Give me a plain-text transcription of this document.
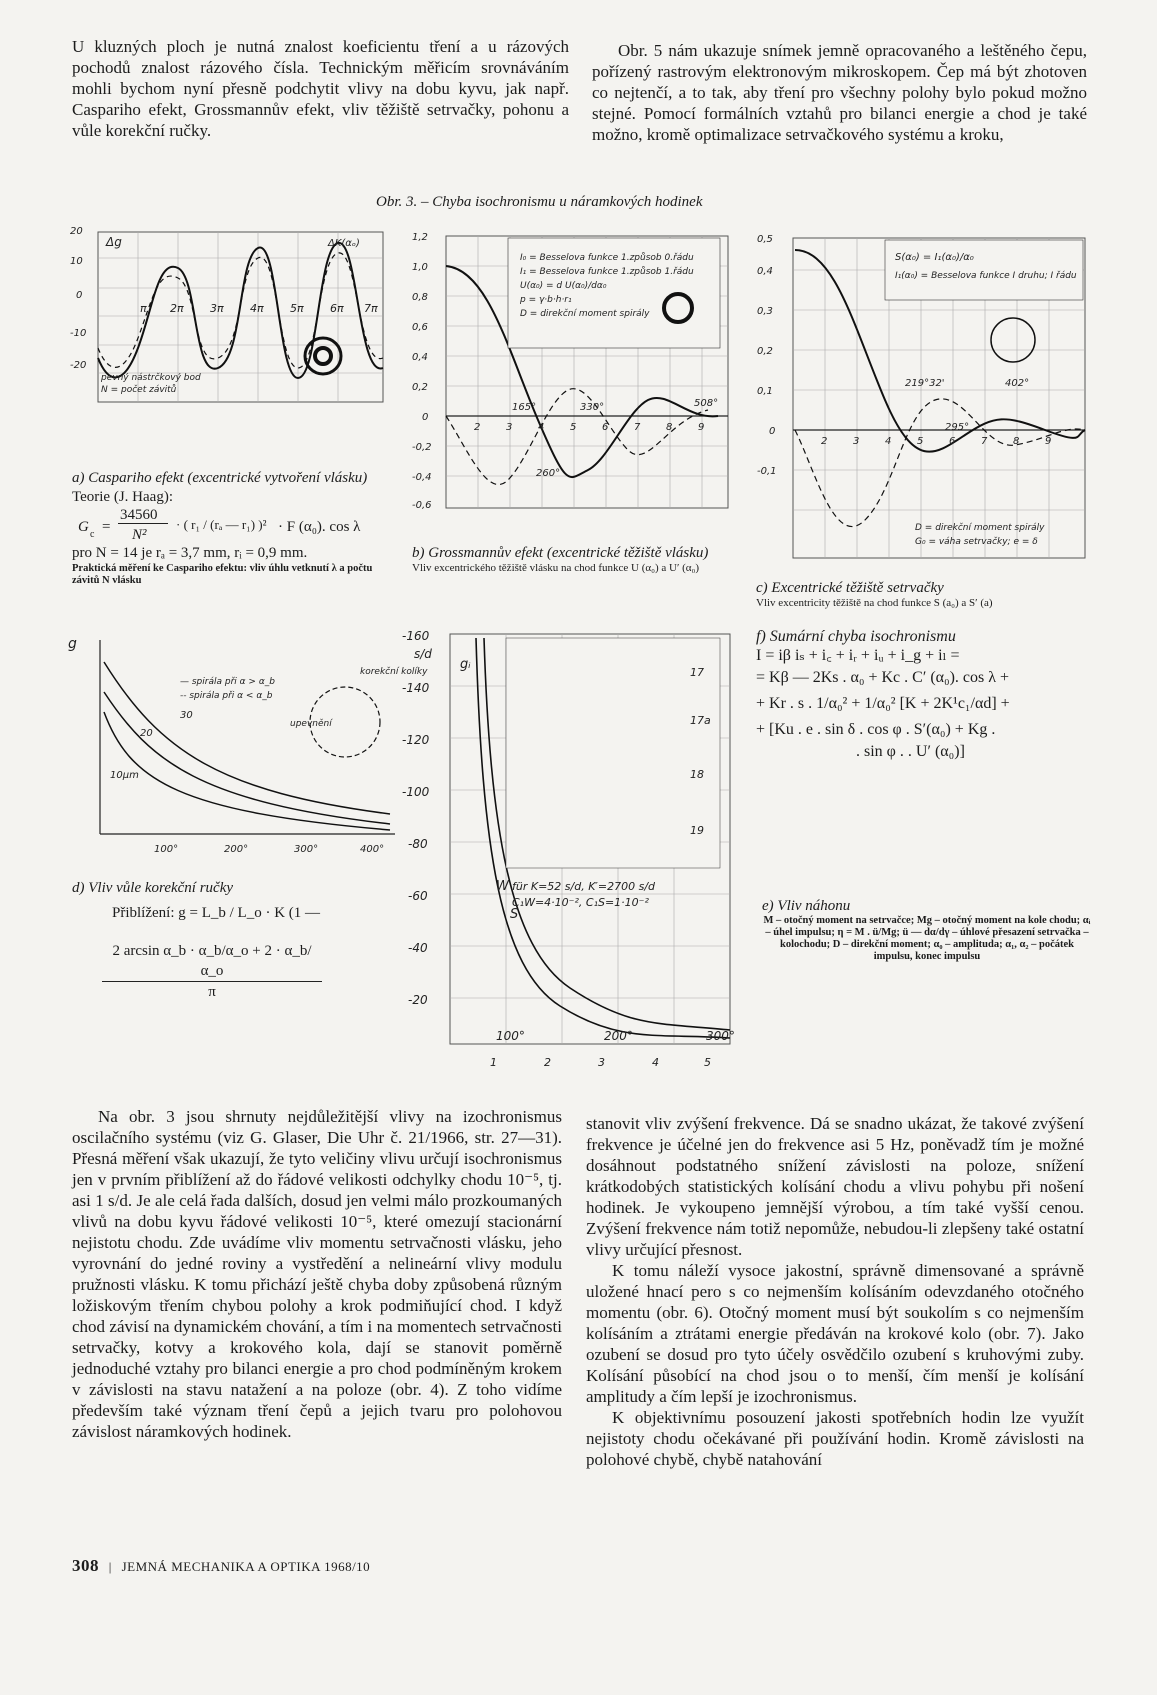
U kluzných ploch je nutná znalost koeficientu tření a u rázových pochodů znalost rázového čísla. Technickým měřicím srovnáváním mohli bychom nyní přesně podchytit vlivy na dobu kyvu, jak např. Caspariho efekt, Grossmannův efekt, vliv těžiště setrvačky, pohonu a vůle korekční ručky.

Obr. 5 nám ukazuje snímek jemně opracovaného a leštěného čepu, pořízený rastrovým elektronovým mikroskopem. Čep má být zhotoven co nejtenčí, a to tak, aby tření pro všechny polohy bylo pokud možno stejné. Pomocí formálních vztahů pro bilanci energie a chod je také možno, kromě optimalizace setrvačkového systému a kroku,

Obr. 3. – Chyba isochronismu u náramkových hodinek
Δg	ΔK(αₒ)
pevný nástrčkový bod
N = počet závitů
20
10
0
-10
-20
π 2π 3π 4π 5π 6π 7π
a) Caspariho efekt (excentrické vytvoření vlásku)
Teorie (J. Haag):
G c =
34560
N²
· ( r₁ / (rₐ — r₁) )² · F (α₀). cos λ
pro N = 14 je rₐ = 3,7 mm, rᵢ = 0,9 mm.
Praktická měření ke Caspariho efektu: vliv úhlu vetknutí λ a počtu závitů N vlásku
I₀ = Besselova funkce 1.způsob 0.řádu
I₁ = Besselova funkce 1.způsob 1.řádu
U(α₀) = d U(α₀)/dα₀
p = γ·b·h·r₁
D = direkční moment spirály
1,2
1,0
0,8
0,6
0,4
0,2
0
-0,2
-0,4
-0,6
2	3	4	5	6	7	8	9
165°	330°	508°
260°
b) Grossmannův efekt (excentrické těžiště vlásku)
Vliv excentrického těžiště vlásku na chod funkce U (α₀) a U′ (α₀)
S(α₀) = I₁(α₀)/α₀
I₁(α₀) = Besselova funkce I druhu; I řádu
D = direkční moment spirály
G₀ = váha setrvačky; e = δ
0,5
0,4
0,3
0,2
0,1
0
-0,1
2	3	4	5	6	7	8	9
219°32'	402°
295°
c) Excentrické těžiště setrvačky
Vliv excentricity těžiště na chod funkce S (a₀) a S′ (a)
g
— spirála při α > α_b
-- spirála při α < α_b
korekční kolíky
upevnění
30
20
10μm
100°	200°	300°	400°
d) Vliv vůle korekční ručky
Přiblížení: g = L_b / L_o · K (1 —
2 arcsin α_b · α_b/α_o + 2 · α_b/α_o
π
-160
s/d
-140
-120
-100
-80
-60
-40
-20
gᵢ
W
S
für K=52 s/d, K′=2700 s/d
C₁W=4·10⁻², C₁S=1·10⁻²
17
17a
18
19
100°	200°	300°
1	2	3	4	5
f) Sumární chyba isochronismu
I = iβ iₛ + i꜀ + iᵣ + iᵤ + i_g + iₗ =
= Kβ — 2Ks . α₀ + Kc . C′ (α₀). cos λ +
+ Kr . s . 1/α₀² + 1/α₀² [K + 2K¹c₁/αd] +
+ [Ku . e . sin δ . cos φ . S′(α₀) + Kg .
. sin φ . . U′ (α₀)]
e) Vliv náhonu
M – otočný moment na setrvačce; Mg – otočný moment na kole chodu; αᵢ – úhel impulsu; η = M . ü/Mg; ü — dα/dγ – úhlové přesazení setrvačka – kolochodu; D – direkční moment; α₀ – amplituda; α₁, α₂ – počátek impulsu, konec impulsu

Na obr. 3 jsou shrnuty nejdůležitější vlivy na izochronismus oscilačního systému (viz G. Glaser, Die Uhr č. 21/1966, str. 27—31). Přesná měření však ukazují, že tyto veličiny vlivu určují isochronismus jen v prvním přiblížení až do řádové velikosti odchylky chodu 10⁻⁵, tj. asi 1 s/d. Je ale celá řada dalších, dosud jen velmi málo prozkoumaných vlivů na dobu kyvu řádové velikosti 10⁻⁵, které omezují stacionární nejistotu chodu. Zde uvádíme vliv momentu setrvačnosti vlásku, jeho vyrovnání do jedné roviny a vystředění a nelineární vlivy modulu pružnosti vlásku. K tomu přichází ještě chyba doby způsobená různým ložiskovým třením chybou polohy a krok podmiňující chod. I když chod závisí na dynamickém chování, a tím i na momentech setrvačnosti setrvačky, kotvy a krokového kola, dají se stanovit poměrně jednoduché vztahy pro bilanci energie a pro chod podmíněným krokem v závislosti na stavu natažení a na poloze (obr. 4). Z toho vidíme především také význam tření čepů a jejich tvaru pro polohovou závislost náramkových hodinek.

stanovit vliv zvýšení frekvence. Dá se snadno ukázat, že takové zvýšení frekvence je účelné jen do frekvence asi 5 Hz, poněvadž tím je možné dosáhnout podstatného snížení závislosti na poloze, snížení krátkodobých statistických kolísání chodu a vlivu pohybu při nošení hodinek. Je vykoupeno jemnější výrobou, a tím také vyšší cenou. Zvýšení frekvence nám totiž nepomůže, nebudou-li zlepšeny také ostatní vlivy určující přesnost.

K tomu náleží vysoce jakostní, správně dimensované a správně uložené hnací pero s co nejmenším kolísáním odevzdaného otočného momentu (obr. 6). Otočný moment musí být soukolím s co nejmenším kolísáním a ztrátami energie předáván na krokové kolo (obr. 7). Jako ozubení se dosud pro tyto účely osvědčilo ozubení s kruhovými zuby. Kolísání působící na chod jsou o to menší, čím menší je kolísání amplitudy a čím lepší je izochronismus.

K objektivnímu posouzení jakosti spotřebních hodin lze využít nejistoty chodu očekávané při používání hodin. Kromě závislosti na polohové chybě, chybě natahování

308 | JEMNÁ MECHANIKA A OPTIKA 1968/10
